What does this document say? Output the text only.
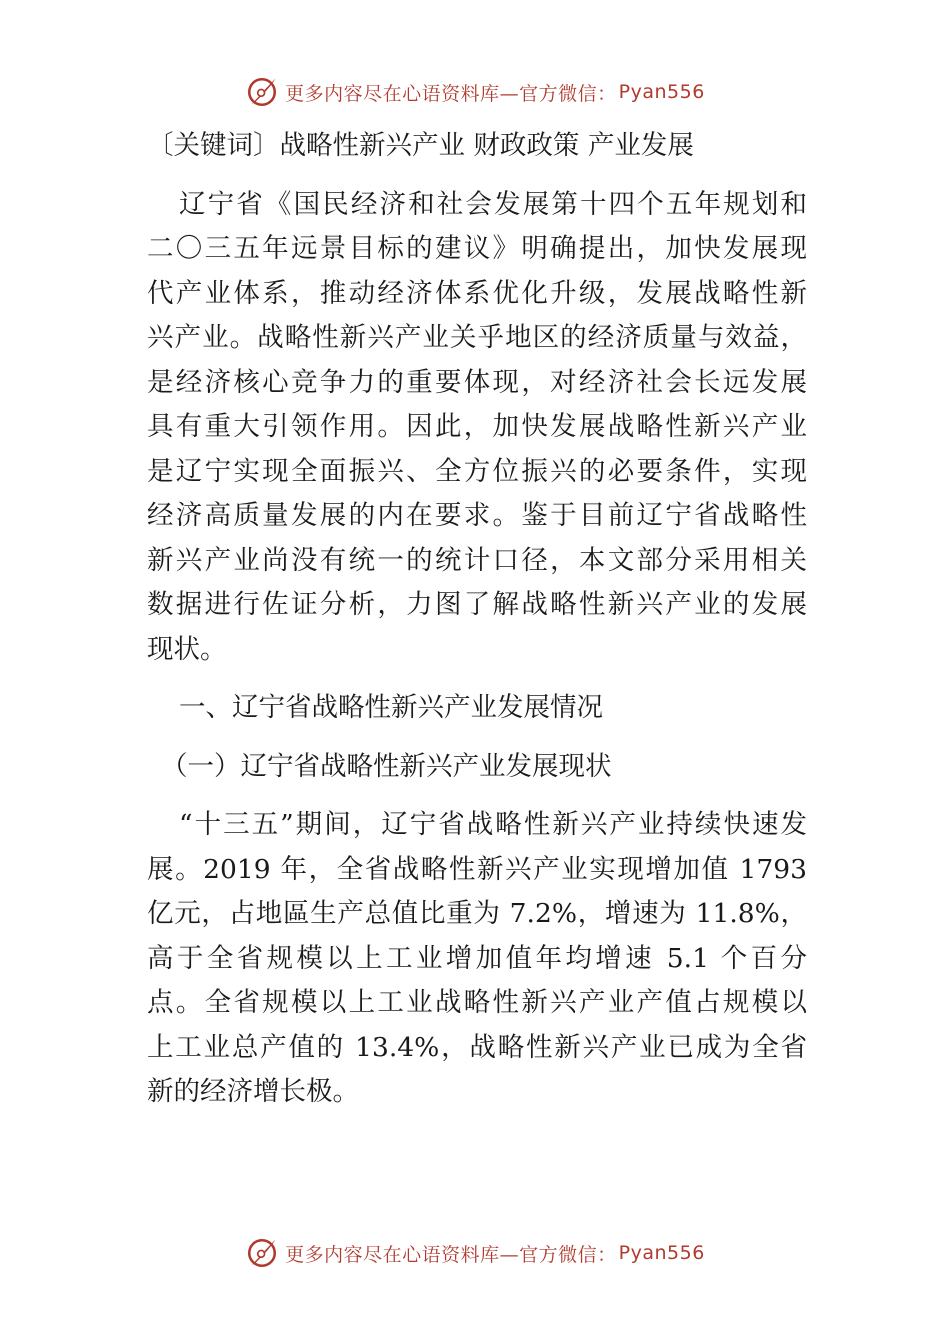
更多内容尽在心语资料库—官方微信： Pyan556
〔关键词〕战略性新兴产业 财政政策 产业发展
辽宁省《国民经济和社会发展第十四个五年规划和
二〇三五年远景目标的建议》明确提出，加快发展现
代产业体系，推动经济体系优化升级，发展战略性新
兴产业。战略性新兴产业关乎地区的经济质量与效益，
是经济核心竞争力的重要体现，对经济社会长远发展
具有重大引领作用。因此，加快发展战略性新兴产业
是辽宁实现全面振兴、全方位振兴的必要条件，实现
经济高质量发展的内在要求。鉴于目前辽宁省战略性
新兴产业尚没有统一的统计口径，本文部分采用相关
数据进行佐证分析，力图了解战略性新兴产业的发展
现状。
一、辽宁省战略性新兴产业发展情况
（一）辽宁省战略性新兴产业发展现状
“十三五”期间，辽宁省战略性新兴产业持续快速发
展。2019 年，全省战略性新兴产业实现增加值 1793
亿元，占地區生产总值比重为 7.2%，增速为 11.8%，
高于全省规模以上工业增加值年均增速 5.1 个百分
点。全省规模以上工业战略性新兴产业产值占规模以
上工业总产值的 13.4%，战略性新兴产业已成为全省
新的经济增长极。
更多内容尽在心语资料库—官方微信： Pyan556
